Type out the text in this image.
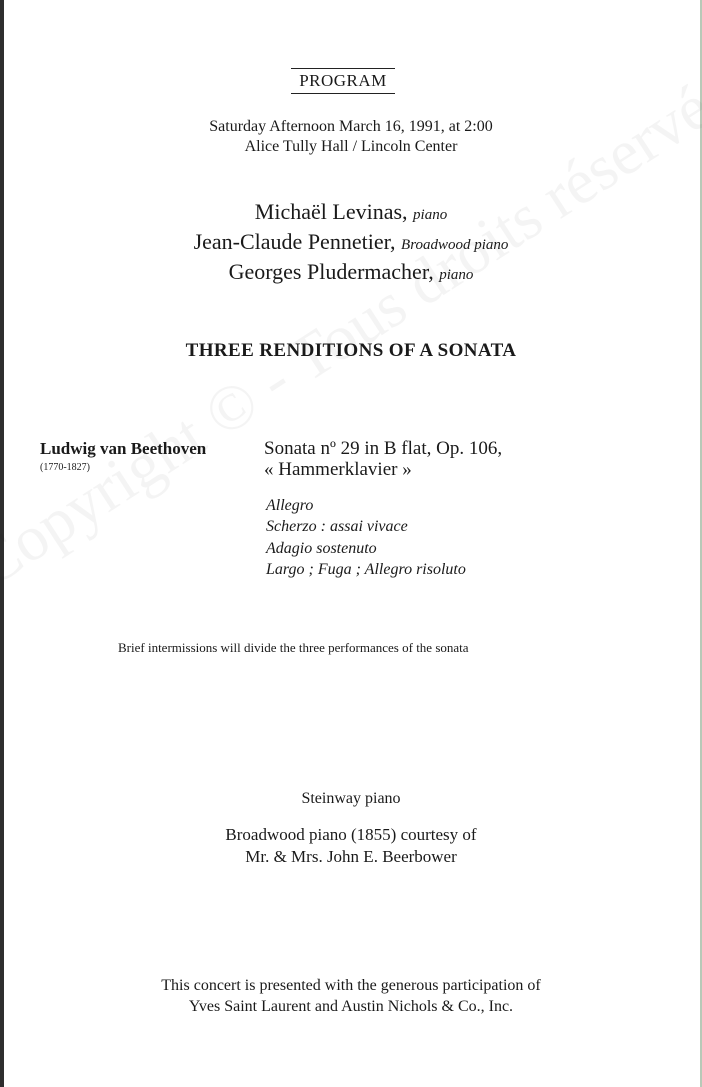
PROGRAM
Saturday Afternoon March 16, 1991, at 2:00
Alice Tully Hall / Lincoln Center
Michaël Levinas, piano
Jean-Claude Pennetier, Broadwood piano
Georges Pludermacher, piano
THREE RENDITIONS OF A SONATA
Ludwig van Beethoven
(1770-1827)
Sonata nº 29 in B flat, Op. 106,
« Hammerklavier »
Allegro
Scherzo : assai vivace
Adagio sostenuto
Largo ; Fuga ; Allegro risoluto
Brief intermissions will divide the three performances of the sonata
Steinway piano
Broadwood piano (1855) courtesy of
Mr. & Mrs. John E. Beerbower
This concert is presented with the generous participation of
Yves Saint Laurent and Austin Nichols & Co., Inc.
